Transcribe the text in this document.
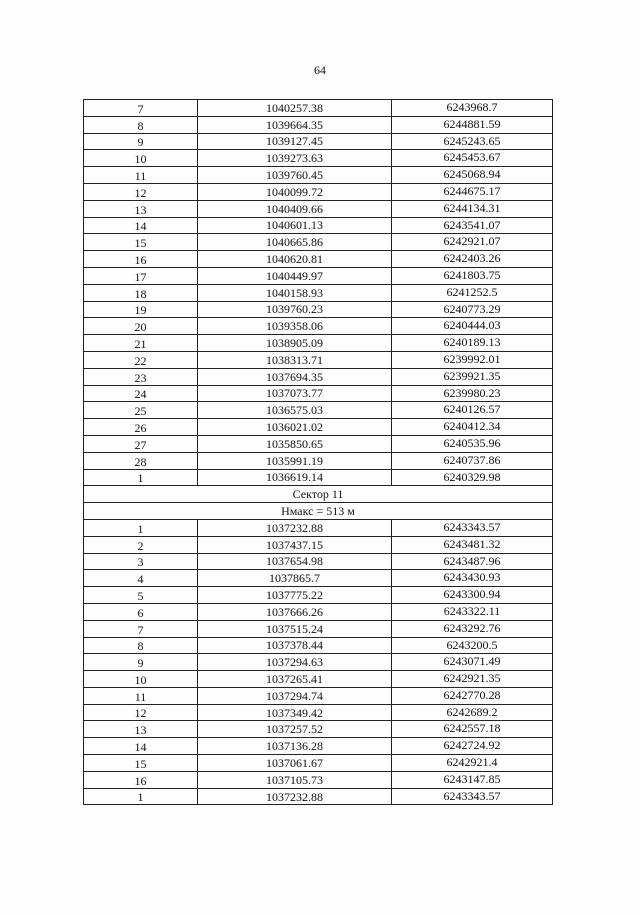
64
7	1040257.38	6243968.7
8	1039664.35	6244881.59
9	1039127.45	6245243.65
10	1039273.63	6245453.67
11	1039760.45	6245068.94
12	1040099.72	6244675.17
13	1040409.66	6244134.31
14	1040601.13	6243541.07
15	1040665.86	6242921.07
16	1040620.81	6242403.26
17	1040449.97	6241803.75
18	1040158.93	6241252.5
19	1039760.23	6240773.29
20	1039358.06	6240444.03
21	1038905.09	6240189.13
22	1038313.71	6239992.01
23	1037694.35	6239921.35
24	1037073.77	6239980.23
25	1036575.03	6240126.57
26	1036021.02	6240412.34
27	1035850.65	6240535.96
28	1035991.19	6240737.86
1	1036619.14	6240329.98
Сектор 11		
Нмакс = 513 м		
1	1037232.88	6243343.57
2	1037437.15	6243481.32
3	1037654.98	6243487.96
4	1037865.7	6243430.93
5	1037775.22	6243300.94
6	1037666.26	6243322.11
7	1037515.24	6243292.76
8	1037378.44	6243200.5
9	1037294.63	6243071.49
10	1037265.41	6242921.35
11	1037294.74	6242770.28
12	1037349.42	6242689.2
13	1037257.52	6242557.18
14	1037136.28	6242724.92
15	1037061.67	6242921.4
16	1037105.73	6243147.85
1	1037232.88	6243343.57
